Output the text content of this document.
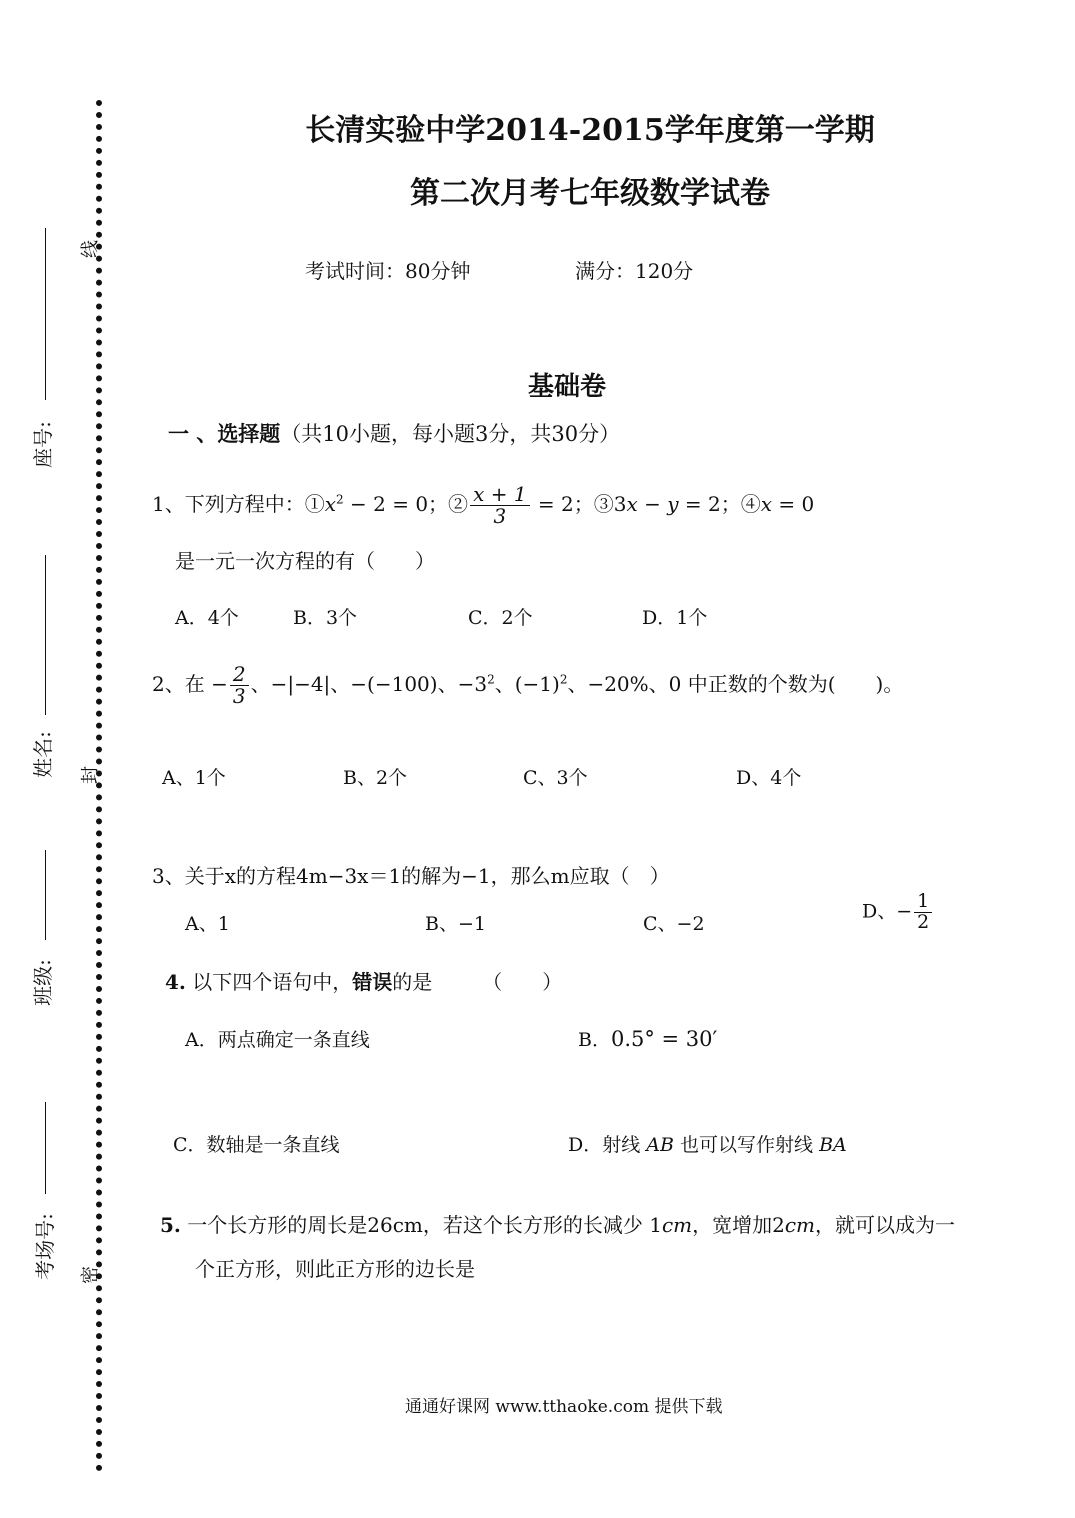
座号:
姓名:
班级:
考场号:
线
封
密
长清实验中学2014-2015学年度第一学期
第二次月考七年级数学试卷
考试时间：80分钟	满分：120分
基础卷
一 、选择题（共10小题，每小题3分，共30分）
1、下列方程中：$①x^2 - 2 = 0$；② $\frac{x + 1}{3} = 2$；③3x − y = 2；④x = 0
是一元一次方程的有（　　）
A．4个	B．3个	C．2个	D．1个
2、在 − $\frac{2}{3}$ 、−|−4|、−(−100)、$-3^2$、$(-1)^2$、−20%、0 中正数的个数为(　　)。
A、1个	B、2个	C、3个	D、4个
3、关于x的方程4m−3x＝1的解为−1，那么m应取（　）
A、1	B、−1	C、−2
D、− $\frac{1}{2}$
4. 以下四个语句中，错误的是　　　（　　）
A．两点确定一条直线	B．0.5° = 30′
C．数轴是一条直线	D．射线 AB 也可以写作射线 BA
5. 一个长方形的周长是26cm，若这个长方形的长减少 1cm，宽增加2cm，就可以成为一
个正方形，则此正方形的边长是
通通好课网 www.tthaoke.com 提供下载
